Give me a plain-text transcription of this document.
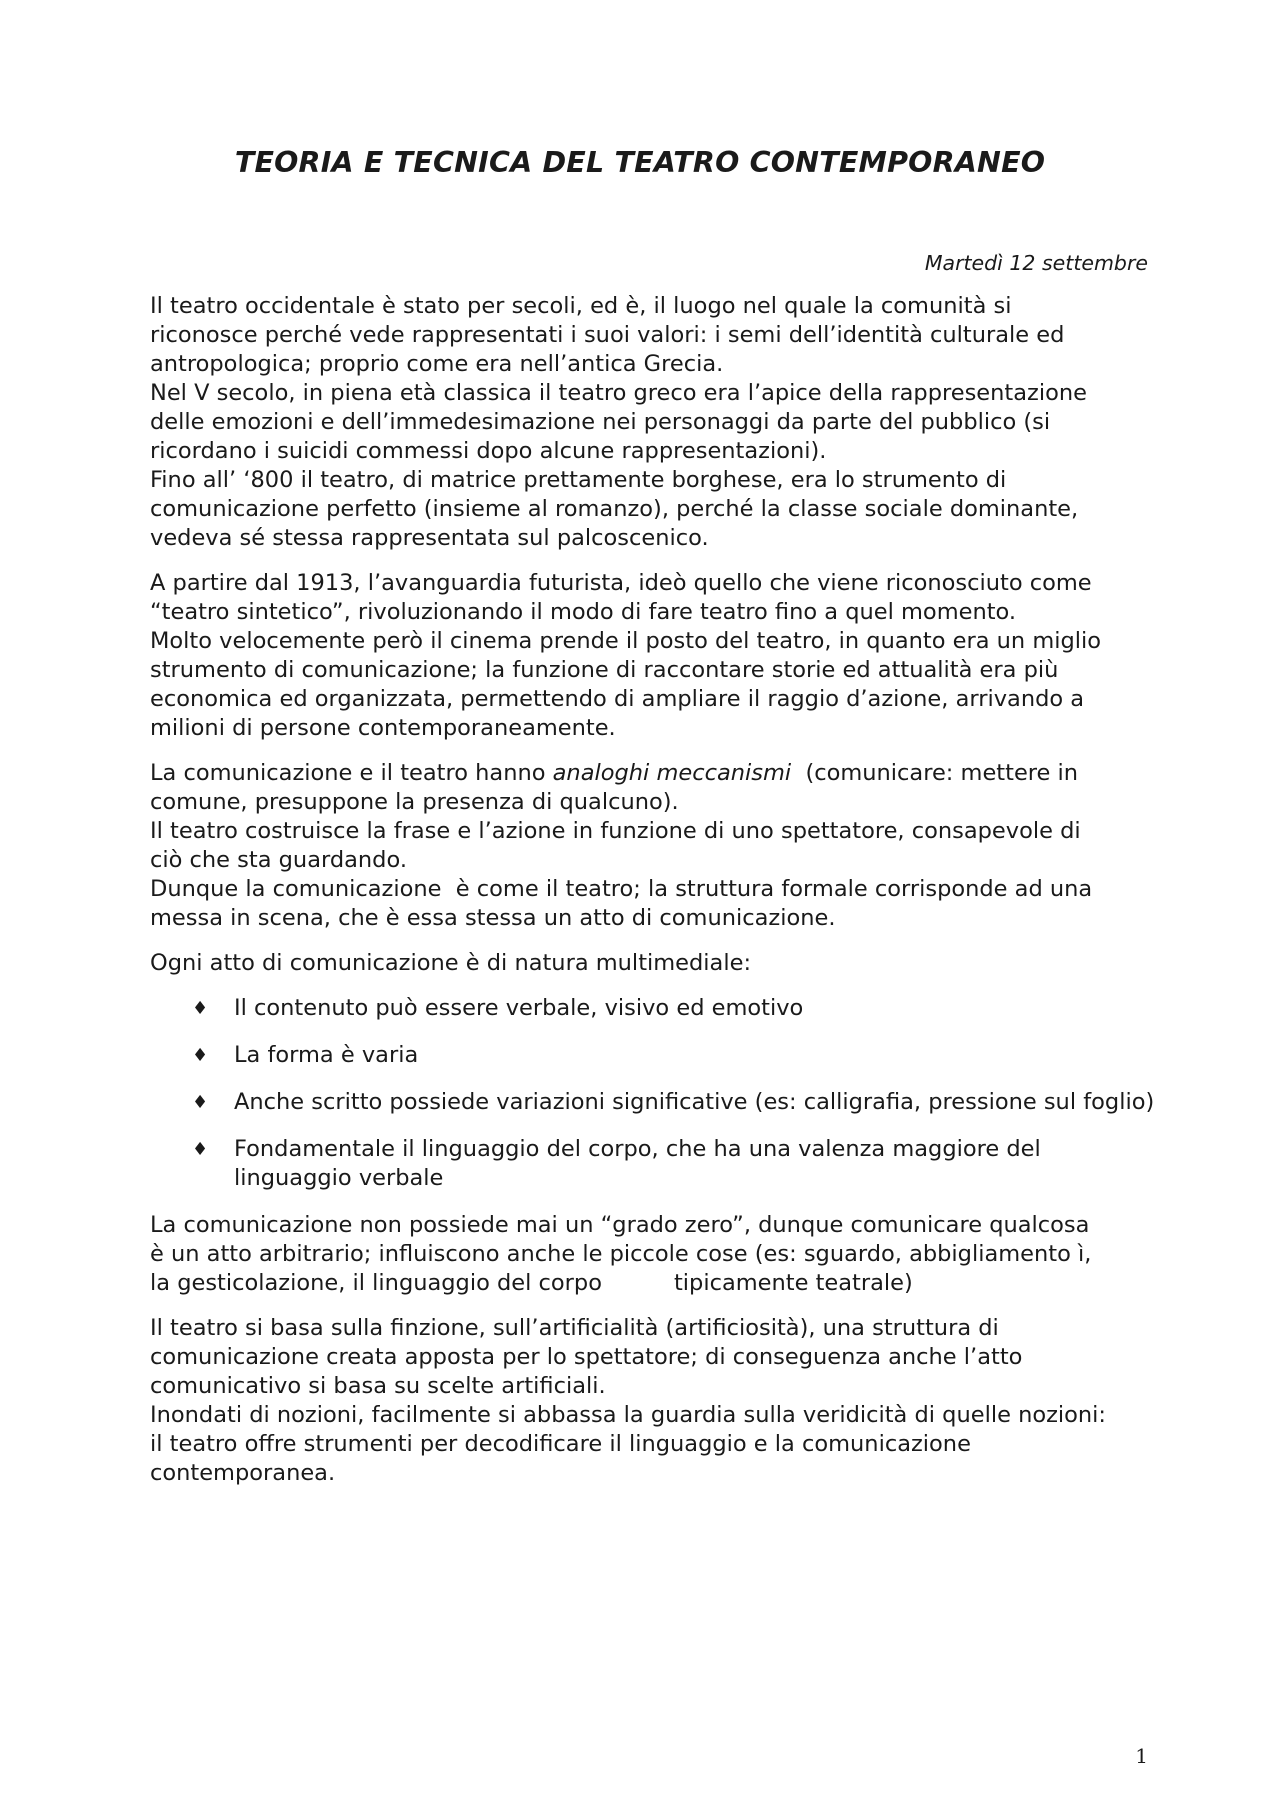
TEORIA E TECNICA DEL TEATRO CONTEMPORANEO
Martedì 12 settembre

Il teatro occidentale è stato per secoli, ed è, il luogo nel quale la comunità si
riconosce perché vede rappresentati i suoi valori: i semi dell’identità culturale ed
antropologica; proprio come era nell’antica Grecia.
Nel V secolo, in piena età classica il teatro greco era l’apice della rappresentazione
delle emozioni e dell’immedesimazione nei personaggi da parte del pubblico (si
ricordano i suicidi commessi dopo alcune rappresentazioni).
Fino all’ ‘800 il teatro, di matrice prettamente borghese, era lo strumento di
comunicazione perfetto (insieme al romanzo), perché la classe sociale dominante,
vedeva sé stessa rappresentata sul palcoscenico.

A partire dal 1913, l’avanguardia futurista, ideò quello che viene riconosciuto come
“teatro sintetico”, rivoluzionando il modo di fare teatro fino a quel momento.
Molto velocemente però il cinema prende il posto del teatro, in quanto era un miglio
strumento di comunicazione; la funzione di raccontare storie ed attualità era più
economica ed organizzata, permettendo di ampliare il raggio d’azione, arrivando a
milioni di persone contemporaneamente.

La comunicazione e il teatro hanno analoghi meccanismi  (comunicare: mettere in
comune, presuppone la presenza di qualcuno).
Il teatro costruisce la frase e l’azione in funzione di uno spettatore, consapevole di
ciò che sta guardando.
Dunque la comunicazione  è come il teatro; la struttura formale corrisponde ad una
messa in scena, che è essa stessa un atto di comunicazione.

Ogni atto di comunicazione è di natura multimediale:

♦ Il contenuto può essere verbale, visivo ed emotivo
♦ La forma è varia
♦ Anche scritto possiede variazioni significative (es: calligrafia, pressione sul foglio)
♦ Fondamentale il linguaggio del corpo, che ha una valenza maggiore del linguaggio verbale

La comunicazione non possiede mai un “grado zero”, dunque comunicare qualcosa
è un atto arbitrario; influiscono anche le piccole cose (es: sguardo, abbigliamento ì,
la gesticolazione, il linguaggio del corpo	tipicamente teatrale)

Il teatro si basa sulla finzione, sull’artificialità (artificiosità), una struttura di
comunicazione creata apposta per lo spettatore; di conseguenza anche l’atto
comunicativo si basa su scelte artificiali.
Inondati di nozioni, facilmente si abbassa la guardia sulla veridicità di quelle nozioni:
il teatro offre strumenti per decodificare il linguaggio e la comunicazione
contemporanea.

1
